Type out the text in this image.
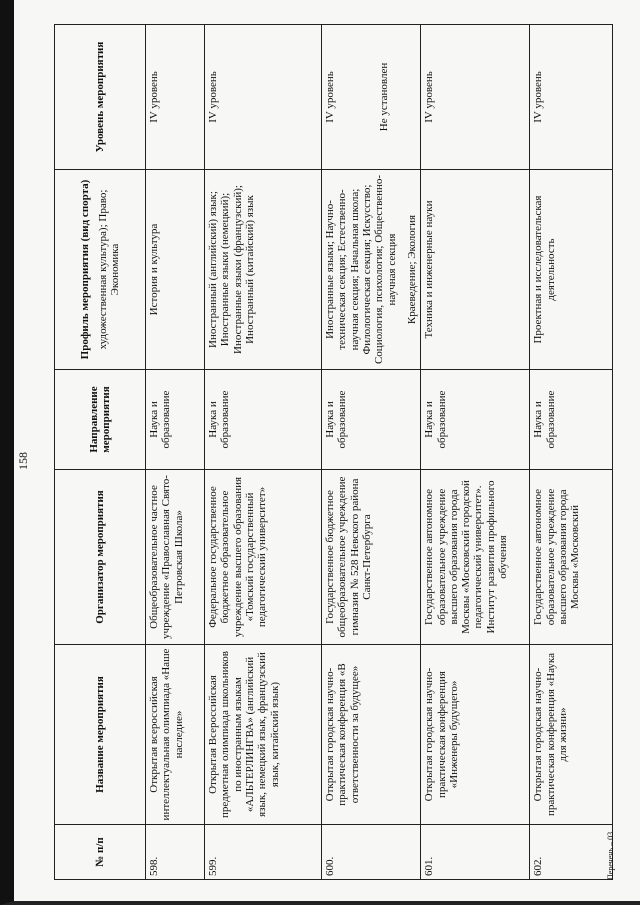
158
№ п/п	Название мероприятия	Организатор мероприятия	Направление мероприятия	Профиль мероприятия (вид спорта) художественная культура); Право; Экономика	Уровень мероприятия
598.	Открытая всероссийская интеллектуальная олимпиада «Наше наследие»	Общеобразовательное частное учреждение «Православная Свято-Петровская Школа»	Наука и образование	История и культура	IV уровень
599.	Открытая Всероссийская предметная олимпиада школьников по иностранным языкам «АЛЬТЕРЛИНГВА» (английский язык, немецкий язык, французский язык, китайский язык)	Федеральное государственное бюджетное образовательное учреждение высшего образования «Томский государственный педагогический университет»	Наука и образование	Иностранный (английский) язык; Иностранные языки (немецкий); Иностранные языки (французский); Иностранный (китайский) язык	IV уровень
600.	Открытая городская научно-практическая конференция «В ответственности за будущее»	Государственное бюджетное общеобразовательное учреждение гимназия № 528 Невского района Санкт-Петербурга	Наука и образование	Иностранные языки; Научно-техническая секция; Естественно-научная секция; Начальная школа; Филологическая секция; Искусство; Социология, психология; Общественно-научная секция Краеведение; Экология	IV уровень Не установлен

601.	Открытая городская научно-практическая конференция «Инженеры будущего»	Государственное автономное образовательное учреждение высшего образования города Москвы «Московский городской педагогический университет». Институт развития профильного обучения	Наука и образование	Техника и инженерные науки	IV уровень
602.	Открытая городская научно-практическая конференция «Наука для жизни»	Государственное автономное образовательное учреждение высшего образования города Москвы «Московский	Наука и образование	Проектная и исследовательская деятельность	IV уровень
Перечень – 03
